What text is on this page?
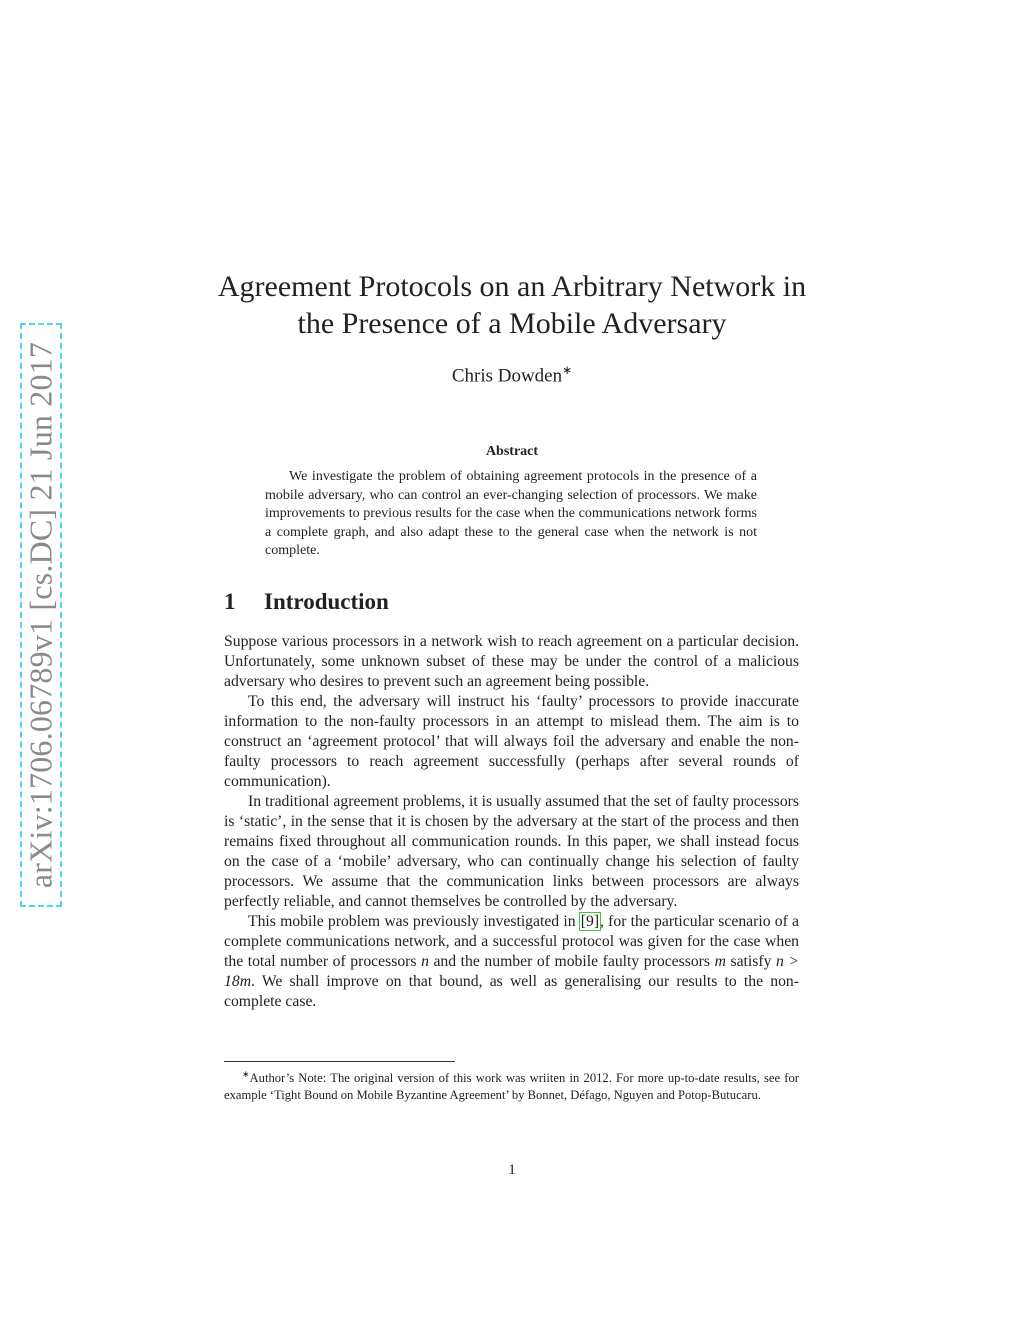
arXiv:1706.06789v1 [cs.DC] 21 Jun 2017
Agreement Protocols on an Arbitrary Network in
the Presence of a Mobile Adversary
Chris Dowden∗
Abstract
We investigate the problem of obtaining agreement protocols in the presence of a mobile adversary, who can control an ever-changing selection of processors. We make improvements to previous results for the case when the communications network forms a complete graph, and also adapt these to the general case when the network is not complete.
1 Introduction

Suppose various processors in a network wish to reach agreement on a particular decision. Unfortunately, some unknown subset of these may be under the control of a malicious adversary who desires to prevent such an agreement being possible.

To this end, the adversary will instruct his ‘faulty’ processors to provide inaccurate information to the non-faulty processors in an attempt to mislead them. The aim is to construct an ‘agreement protocol’ that will always foil the adversary and enable the non-faulty processors to reach agreement successfully (perhaps after several rounds of communication).

In traditional agreement problems, it is usually assumed that the set of faulty processors is ‘static’, in the sense that it is chosen by the adversary at the start of the process and then remains fixed throughout all communication rounds. In this paper, we shall instead focus on the case of a ‘mobile’ adversary, who can continually change his selection of faulty processors. We assume that the communication links between processors are always perfectly reliable, and cannot themselves be controlled by the adversary.

This mobile problem was previously investigated in [9], for the particular scenario of a complete communications network, and a successful protocol was given for the case when the total number of processors n and the number of mobile faulty processors m satisfy n > 18m. We shall improve on that bound, as well as generalising our results to the non-complete case.

∗Author’s Note: The original version of this work was wriiten in 2012. For more up-to-date results, see for example ‘Tight Bound on Mobile Byzantine Agreement’ by Bonnet, Défago, Nguyen and Potop-Butucaru.
1
